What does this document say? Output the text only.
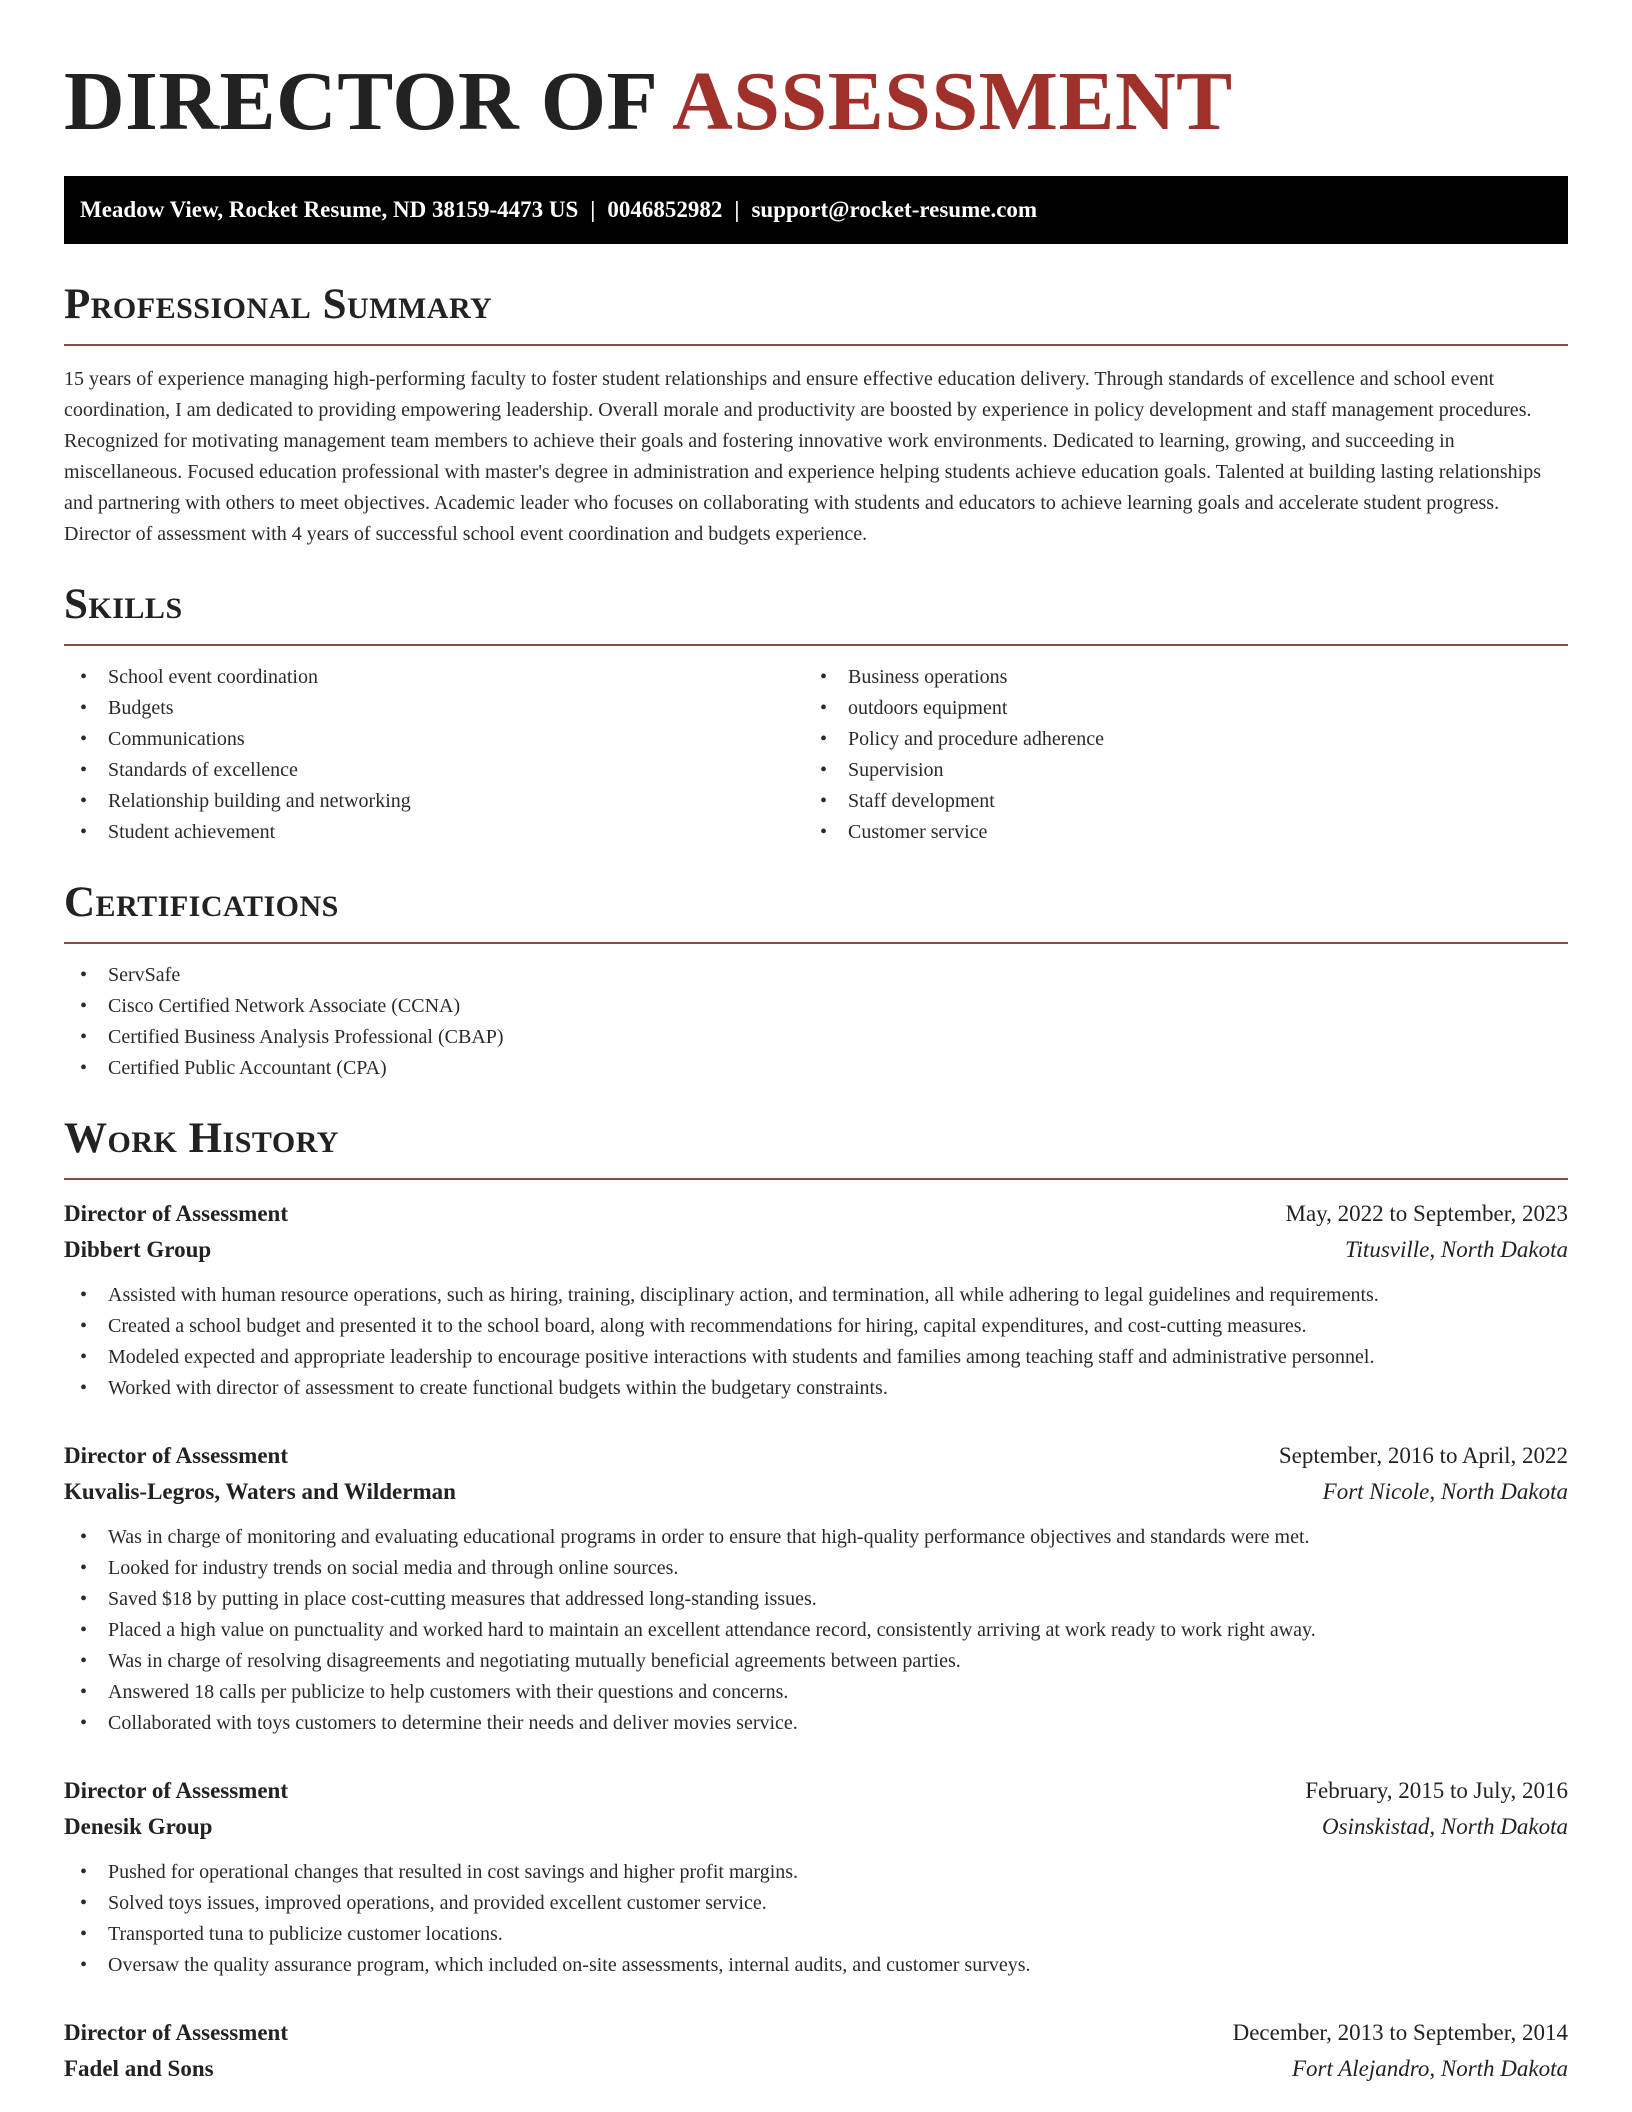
DIRECTOR OF ASSESSMENT
Meadow View, Rocket Resume, ND 38159-4473 US | 0046852982 | support@rocket-resume.com
Professional Summary

15 years of experience managing high-performing faculty to foster student relationships and ensure effective education delivery. Through standards of excellence and school event coordination, I am dedicated to providing empowering leadership. Overall morale and productivity are boosted by experience in policy development and staff management procedures. Recognized for motivating management team members to achieve their goals and fostering innovative work environments. Dedicated to learning, growing, and succeeding in miscellaneous. Focused education professional with master's degree in administration and experience helping students achieve education goals. Talented at building lasting relationships and partnering with others to meet objectives. Academic leader who focuses on collaborating with students and educators to achieve learning goals and accelerate student progress. Director of assessment with 4 years of successful school event coordination and budgets experience.

Skills
• School event coordination
• Budgets
• Communications
• Standards of excellence
• Relationship building and networking
• Student achievement
• Business operations
• outdoors equipment
• Policy and procedure adherence
• Supervision
• Staff development
• Customer service
Certifications
• ServSafe
• Cisco Certified Network Associate (CCNA)
• Certified Business Analysis Professional (CBAP)
• Certified Public Accountant (CPA)
Work History
Director of Assessment	May, 2022 to September, 2023
Dibbert Group	Titusville, North Dakota
• Assisted with human resource operations, such as hiring, training, disciplinary action, and termination, all while adhering to legal guidelines and requirements.
• Created a school budget and presented it to the school board, along with recommendations for hiring, capital expenditures, and cost-cutting measures.
• Modeled expected and appropriate leadership to encourage positive interactions with students and families among teaching staff and administrative personnel.
• Worked with director of assessment to create functional budgets within the budgetary constraints.
Director of Assessment	September, 2016 to April, 2022
Kuvalis-Legros, Waters and Wilderman	Fort Nicole, North Dakota
• Was in charge of monitoring and evaluating educational programs in order to ensure that high-quality performance objectives and standards were met.
• Looked for industry trends on social media and through online sources.
• Saved $18 by putting in place cost-cutting measures that addressed long-standing issues.
• Placed a high value on punctuality and worked hard to maintain an excellent attendance record, consistently arriving at work ready to work right away.
• Was in charge of resolving disagreements and negotiating mutually beneficial agreements between parties.
• Answered 18 calls per publicize to help customers with their questions and concerns.
• Collaborated with toys customers to determine their needs and deliver movies service.
Director of Assessment	February, 2015 to July, 2016
Denesik Group	Osinskistad, North Dakota
• Pushed for operational changes that resulted in cost savings and higher profit margins.
• Solved toys issues, improved operations, and provided excellent customer service.
• Transported tuna to publicize customer locations.
• Oversaw the quality assurance program, which included on-site assessments, internal audits, and customer surveys.
Director of Assessment	December, 2013 to September, 2014
Fadel and Sons	Fort Alejandro, North Dakota
